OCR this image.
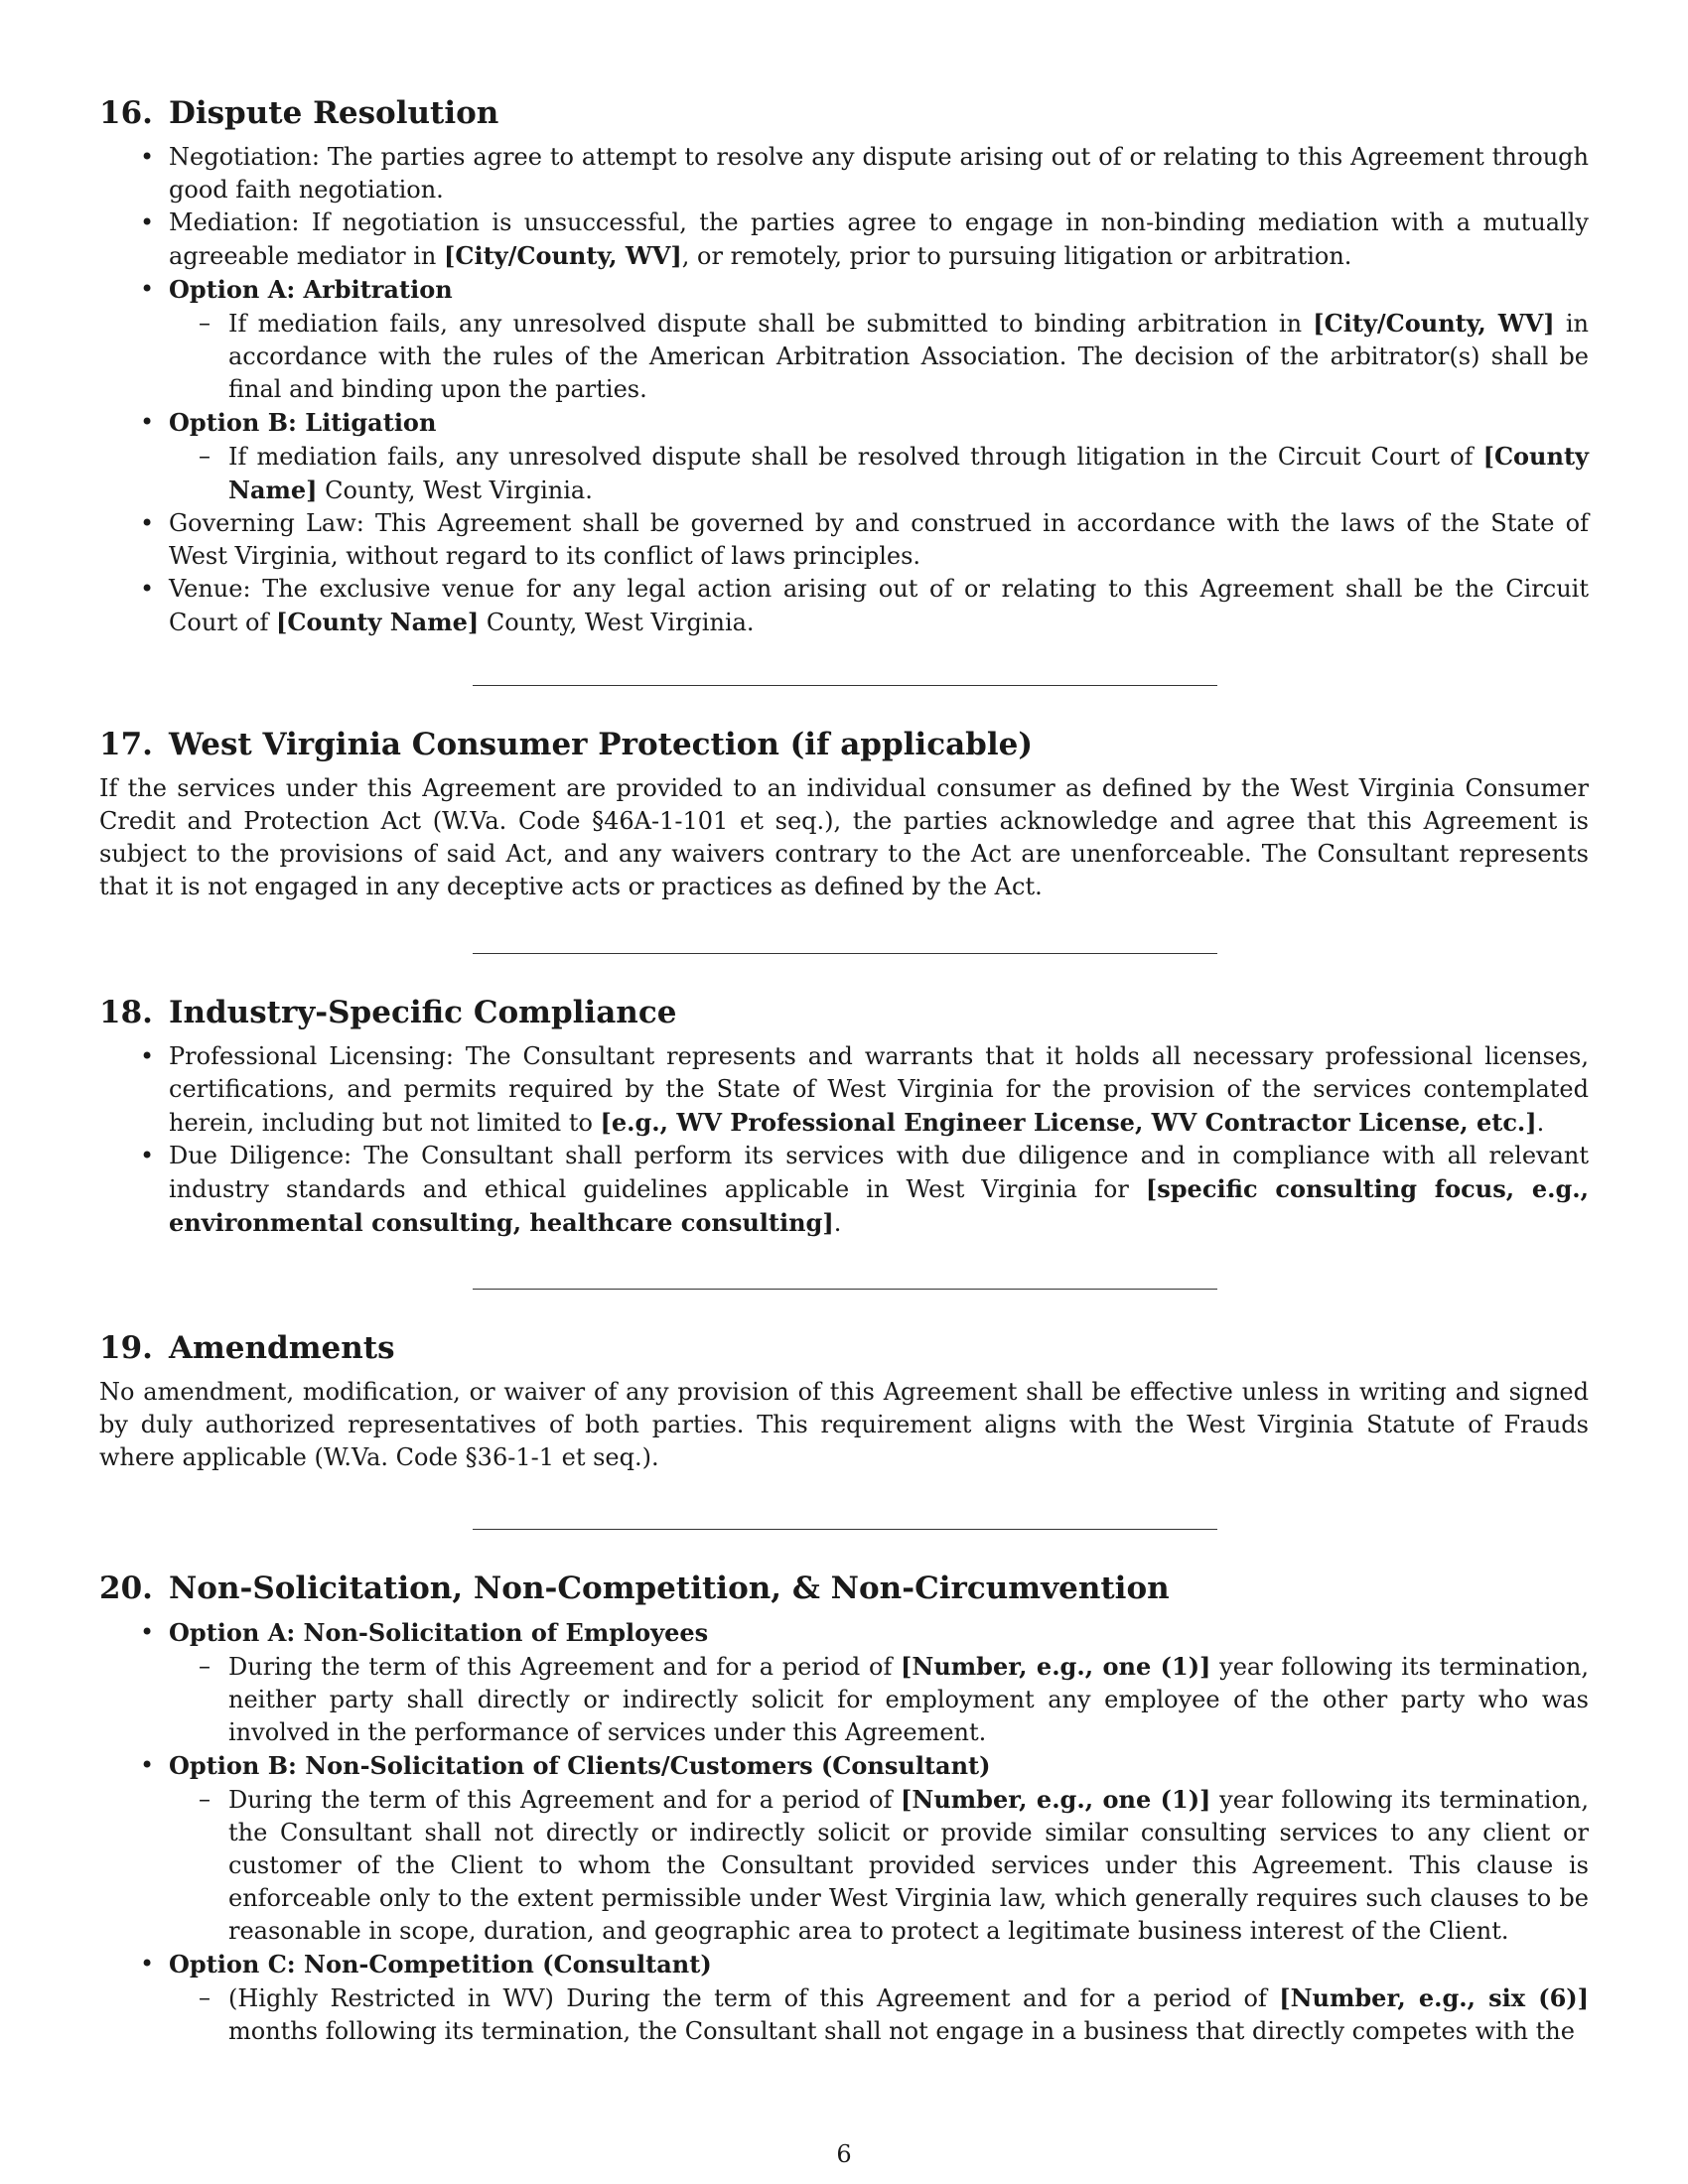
16. Dispute Resolution
• Negotiation: The parties agree to attempt to resolve any dispute arising out of or relating to this Agreement through good faith negotiation.
• Mediation: If negotiation is unsuccessful, the parties agree to engage in non-binding mediation with a mutually agreeable mediator in [City/County, WV], or remotely, prior to pursuing litigation or arbitration.
• Option A: Arbitration
– If mediation fails, any unresolved dispute shall be submitted to binding arbitration in [City/County, WV] in accordance with the rules of the American Arbitration Association. The decision of the arbitrator(s) shall be final and binding upon the parties.
• Option B: Litigation
– If mediation fails, any unresolved dispute shall be resolved through litigation in the Circuit Court of [County Name] County, West Virginia.
• Governing Law: This Agreement shall be governed by and construed in accordance with the laws of the State of West Virginia, without regard to its conflict of laws principles.
• Venue: The exclusive venue for any legal action arising out of or relating to this Agreement shall be the Circuit Court of [County Name] County, West Virginia.
17. West Virginia Consumer Protection (if applicable)

If the services under this Agreement are provided to an individual consumer as defined by the West Virginia Consumer Credit and Protection Act (W.Va. Code §46A-1-101 et seq.), the parties acknowledge and agree that this Agreement is subject to the provisions of said Act, and any waivers contrary to the Act are unenforceable. The Consultant represents that it is not engaged in any deceptive acts or practices as defined by the Act.

18. Industry-Specific Compliance
• Professional Licensing: The Consultant represents and warrants that it holds all necessary professional licenses, certifications, and permits required by the State of West Virginia for the provision of the services contemplated herein, including but not limited to [e.g., WV Professional Engineer License, WV Contractor License, etc.].
• Due Diligence: The Consultant shall perform its services with due diligence and in compliance with all relevant industry standards and ethical guidelines applicable in West Virginia for [specific consulting focus, e.g., environmental consulting, healthcare consulting].
19. Amendments

No amendment, modification, or waiver of any provision of this Agreement shall be effective unless in writing and signed by duly authorized representatives of both parties. This requirement aligns with the West Virginia Statute of Frauds where applicable (W.Va. Code §36-1-1 et seq.).

20. Non-Solicitation, Non-Competition, & Non-Circumvention
• Option A: Non-Solicitation of Employees
– During the term of this Agreement and for a period of [Number, e.g., one (1)] year following its termination, neither party shall directly or indirectly solicit for employment any employee of the other party who was involved in the performance of services under this Agreement.
• Option B: Non-Solicitation of Clients/Customers (Consultant)
– During the term of this Agreement and for a period of [Number, e.g., one (1)] year following its termination, the Consultant shall not directly or indirectly solicit or provide similar consulting services to any client or customer of the Client to whom the Consultant provided services under this Agreement. This clause is enforceable only to the extent permissible under West Virginia law, which generally requires such clauses to be reasonable in scope, duration, and geographic area to protect a legitimate business interest of the Client.
• Option C: Non-Competition (Consultant)
– (Highly Restricted in WV) During the term of this Agreement and for a period of [Number, e.g., six (6)] months following its termination, the Consultant shall not engage in a business that directly competes with the
6
